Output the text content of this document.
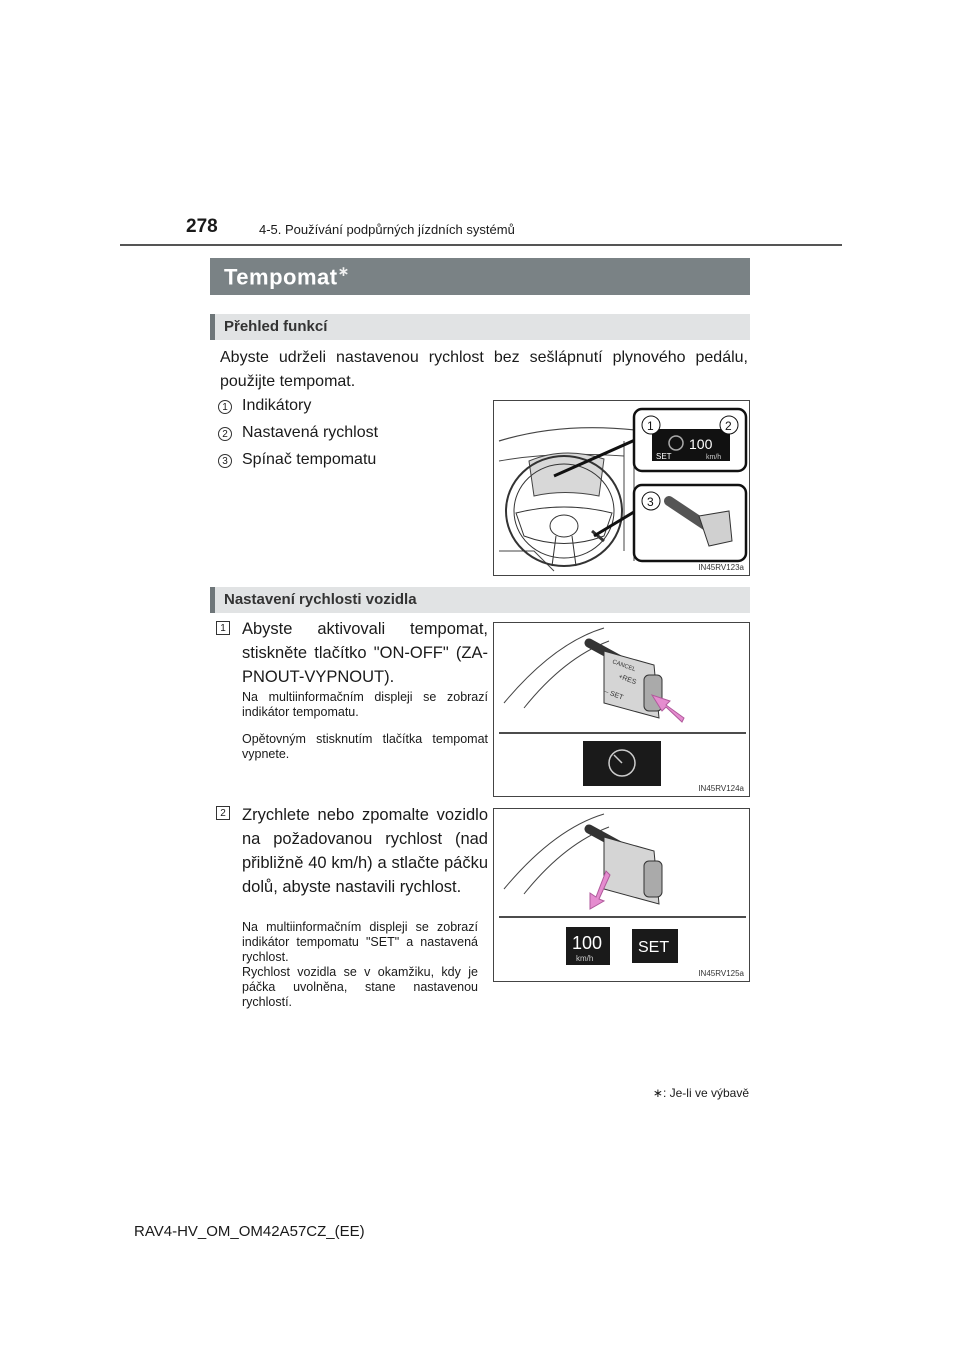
278	4-5. Používání podpůrných jízdních systémů
Tempomat∗
Přehled funkcí
Abyste udrželi nastavenou rychlost bez sešlápnutí plynového pedálu, použijte tempomat.
1 Indikátory
2 Nastavená rychlost
3 Spínač tempomatu
100
SET	km/h
1	2
3
IN45RV123a
Nastavení rychlosti vozidla
1 Abyste aktivovali tempomat, stiskněte tlačítko "ON-OFF" (ZA-PNOUT-VYPNOUT).
Na multiinformačním displeji se zobrazí indikátor tempomatu.
Opětovným stisknutím tlačítka tempomat vypnete.
CANCEL
+RES
– SET
IN45RV124a
2 Zrychlete nebo zpomalte vozidlo na požadovanou rychlost (nad přibližně 40 km/h) a stlačte páčku dolů, abyste nastavili rychlost.
Na multiinformačním displeji se zobrazí indikátor tempomatu "SET" a nastavená rychlost.
Rychlost vozidla se v okamžiku, kdy je páčka uvolněna, stane nastavenou rychlostí.
100
km/h
SET
IN45RV125a
∗: Je-li ve výbavě
RAV4-HV_OM_OM42A57CZ_(EE)
